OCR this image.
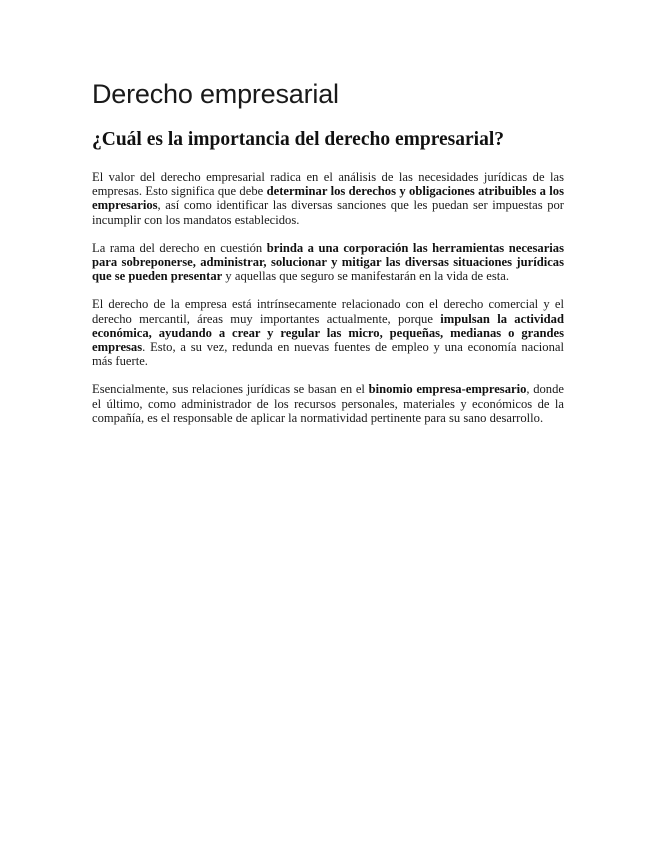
Derecho empresarial
¿Cuál es la importancia del derecho empresarial?

El valor del derecho empresarial radica en el análisis de las necesidades jurídicas de las empresas. Esto significa que debe determinar los derechos y obligaciones atribuibles a los empresarios, así como identificar las diversas sanciones que les puedan ser impuestas por incumplir con los mandatos establecidos.

La rama del derecho en cuestión brinda a una corporación las herramientas necesarias para sobreponerse, administrar, solucionar y mitigar las diversas situaciones jurídicas que se pueden presentar y aquellas que seguro se manifestarán en la vida de esta.

El derecho de la empresa está intrínsecamente relacionado con el derecho comercial y el derecho mercantil, áreas muy importantes actualmente, porque impulsan la actividad económica, ayudando a crear y regular las micro, pequeñas, medianas o grandes empresas. Esto, a su vez, redunda en nuevas fuentes de empleo y una economía nacional más fuerte.

Esencialmente, sus relaciones jurídicas se basan en el binomio empresa-empresario, donde el último, como administrador de los recursos personales, materiales y económicos de la compañía, es el responsable de aplicar la normatividad pertinente para su sano desarrollo.
